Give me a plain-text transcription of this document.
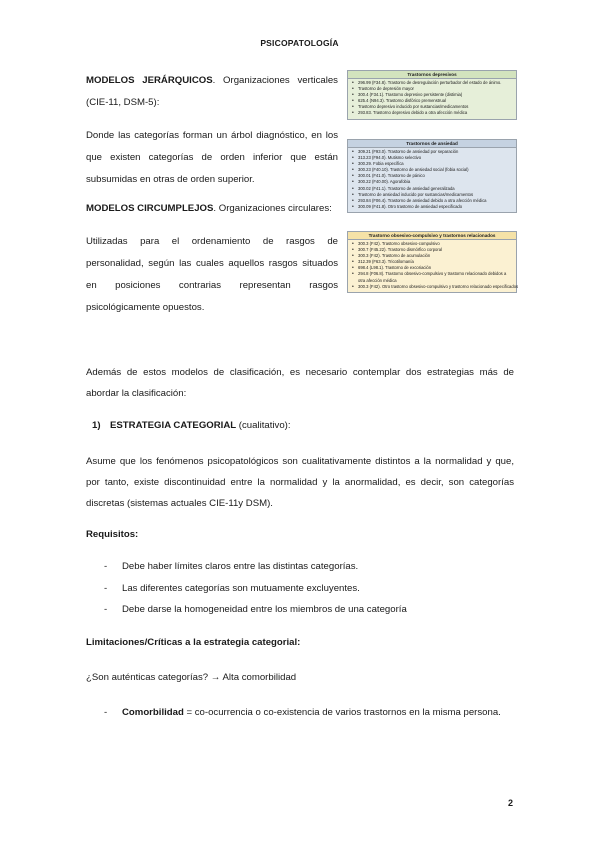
PSICOPATOLOGÍA

MODELOS JERÁRQUICOS. Organizaciones verticales (CIE-11, DSM-5):

Donde las categorías forman un árbol diagnóstico, en los que existen categorías de orden inferior que están subsumidas en otras de orden superior.

MODELOS CIRCUMPLEJOS. Organizaciones circulares:

Utilizadas para el ordenamiento de rasgos de personalidad, según las cuales aquellos rasgos situados en posiciones contrarias representan rasgos psicológicamente opuestos.

Trastornos depresivos
• 296.99 (F34.8). Trastorno de desregulación perturbador del estado de ánimo.
• Trastorno de depresión mayor
• 300.4 (F34.1). Trastorno depresivo persistente (distimia)
• 625.4 (N94.3). Trastorno disfórico premenstrual
• Trastorno depresivo inducido por sustancias/medicamentos
• 293.83. Trastorno depresivo debido a otra afección médica
Trastornos de ansiedad
• 309.21 (F93.0). Trastorno de ansiedad por separación
• 313.23 (F94.0). Mutismo selectivo
• 300.29. Fobia específica
• 300.23 (F40.10). Trastorno de ansiedad social (fobia social)
• 300.01 (F41.0). Trastorno de pánico
• 300.22 (F40.00). Agorafobia
• 300.02 (F41.1). Trastorno de ansiedad generalizada
• Trastorno de ansiedad inducido por sustancias/medicamentos
• 293.84 (F06.4). Trastorno de ansiedad debido a otra afección médica
• 300.09 (F41.8). Otro trastorno de ansiedad especificado
Trastorno obsesivo-compulsivo y trastornos relacionados
• 300.3 (F42). Trastorno obsesivo-compulsivo
• 300.7 (F45.22). Trastorno dismórfico corporal
• 300.3 (F42). Trastorno de acumulación
• 312.39 (F63.3). Tricotilomanía
• 698.4 (L98.1). Trastorno de excoriación
• 294.8 (F06.8). Trastorno obsesivo-compulsivo y trastorno relacionado debidos a otra afección médica
• 300.3 (F42). Otro trastorno obsesivo-compulsivo y trastorno relacionado especificados

Además de estos modelos de clasificación, es necesario contemplar dos estrategias más de abordar la clasificación:

1) ESTRATEGIA CATEGORIAL (cualitativo):

Asume que los fenómenos psicopatológicos son cualitativamente distintos a la normalidad y que, por tanto, existe discontinuidad entre la normalidad y la anormalidad, es decir, son categorías discretas (sistemas actuales CIE-11y DSM).

Requisitos:

- Debe haber límites claros entre las distintas categorías.

- Las diferentes categorías son mutuamente excluyentes.

- Debe darse la homogeneidad entre los miembros de una categoría

Limitaciones/Críticas a la estrategia categorial:

¿Son auténticas categorías? → Alta comorbilidad

- Comorbilidad = co-ocurrencia o co-existencia de varios trastornos en la misma persona.

2
